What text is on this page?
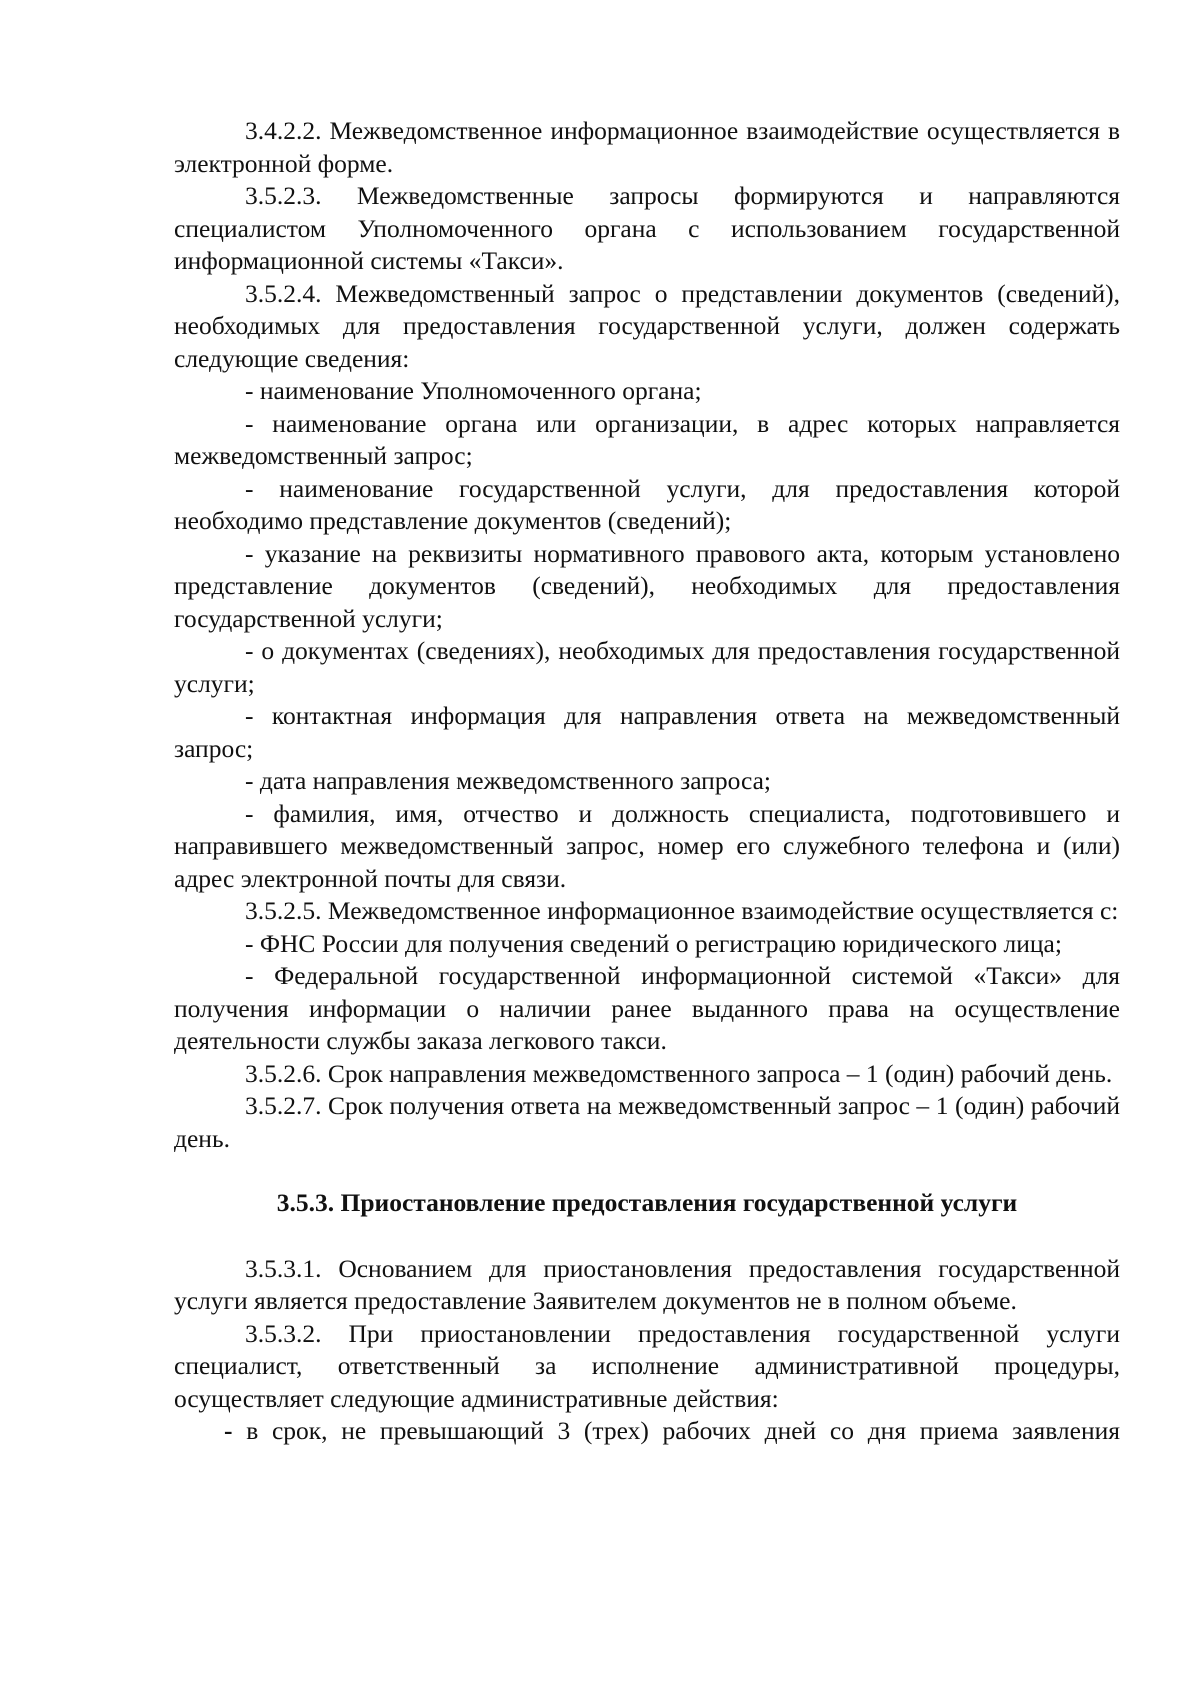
3.4.2.2. Межведомственное информационное взаимодействие осуществляется в электронной форме.

3.5.2.3. Межведомственные запросы формируются и направляются специалистом Уполномоченного органа с использованием государственной информационной системы «Такси».

3.5.2.4. Межведомственный запрос о представлении документов (сведений), необходимых для предоставления государственной услуги, должен содержать следующие сведения:

- наименование Уполномоченного органа;

- наименование органа или организации, в адрес которых направляется межведомственный запрос;

- наименование государственной услуги, для предоставления которой необходимо представление документов (сведений);

- указание на реквизиты нормативного правового акта, которым установлено представление документов (сведений), необходимых для предоставления государственной услуги;

- о документах (сведениях), необходимых для предоставления государственной услуги;

- контактная информация для направления ответа на межведомственный запрос;

- дата направления межведомственного запроса;

- фамилия, имя, отчество и должность специалиста, подготовившего и направившего межведомственный запрос, номер его служебного телефона и (или) адрес электронной почты для связи.

3.5.2.5. Межведомственное информационное взаимодействие осуществляется с:

- ФНС России для получения сведений о регистрацию юридического лица;

- Федеральной государственной информационной системой «Такси» для получения информации о наличии ранее выданного права на осуществление деятельности службы заказа легкового такси.

3.5.2.6. Срок направления межведомственного запроса – 1 (один) рабочий день.

3.5.2.7. Срок получения ответа на межведомственный запрос – 1 (один) рабочий день.

3.5.3. Приостановление предоставления государственной услуги

3.5.3.1. Основанием для приостановления предоставления государственной услуги является предоставление Заявителем документов не в полном объеме.

3.5.3.2. При приостановлении предоставления государственной услуги специалист, ответственный за исполнение административной процедуры, осуществляет следующие административные действия:

- в срок, не превышающий 3 (трех) рабочих дней со дня приема заявления
